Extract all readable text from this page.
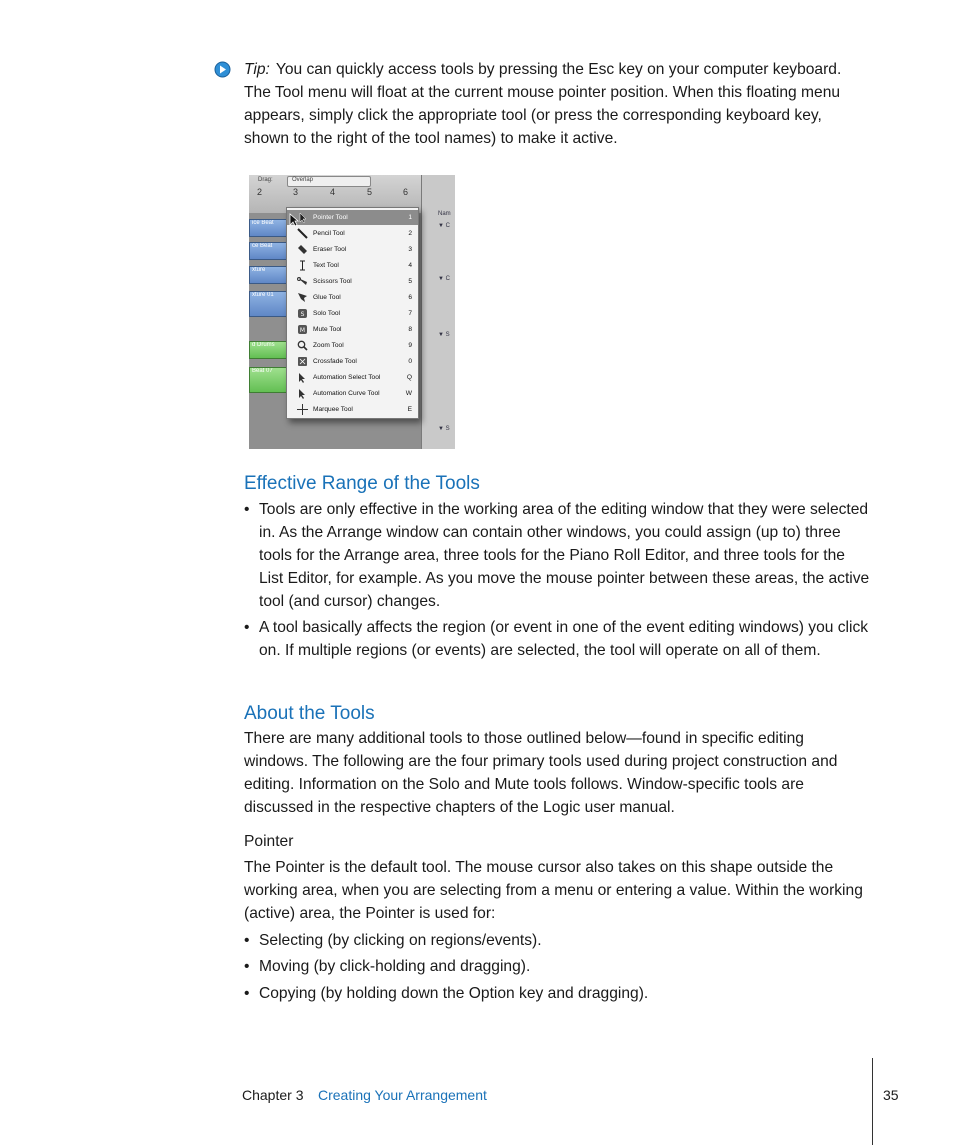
Tip: You can quickly access tools by pressing the Esc key on your computer keyboard. The Tool menu will float at the current mouse pointer position. When this floating menu appears, simply click the appropriate tool (or press the corresponding keyboard key, shown to the right of the tool names) to make it active.
Drag:	Overlap
2	3	4	5	6
ice Beat
ce Beat
xture
xture 01
d Drums
Beat 07
Nam
▼ C
▼ C
▼ S
▼ S
Pointer Tool	1
Pencil Tool	2
Eraser Tool	3
Text Tool	4
Scissors Tool	5
Glue Tool	6
S Solo Tool	7
M Mute Tool	8
Zoom Tool	9
Crossfade Tool	0
Automation Select Tool	Q
Automation Curve Tool	W
Marquee Tool	E
Effective Range of the Tools
• Tools are only effective in the working area of the editing window that they were selected in. As the Arrange window can contain other windows, you could assign (up to) three tools for the Arrange area, three tools for the Piano Roll Editor, and three tools for the List Editor, for example. As you move the mouse pointer between these areas, the active tool (and cursor) changes.
• A tool basically affects the region (or event in one of the event editing windows) you click on. If multiple regions (or events) are selected, the tool will operate on all of them.
About the Tools
There are many additional tools to those outlined below—found in specific editing windows. The following are the four primary tools used during project construction and editing. Information on the Solo and Mute tools follows. Window-specific tools are discussed in the respective chapters of the Logic user manual.
Pointer
The Pointer is the default tool. The mouse cursor also takes on this shape outside the working area, when you are selecting from a menu or entering a value. Within the working (active) area, the Pointer is used for:
• Selecting (by clicking on regions/events).
• Moving (by click-holding and dragging).
• Copying (by holding down the Option key and dragging).
Chapter 3 Creating Your Arrangement	35
